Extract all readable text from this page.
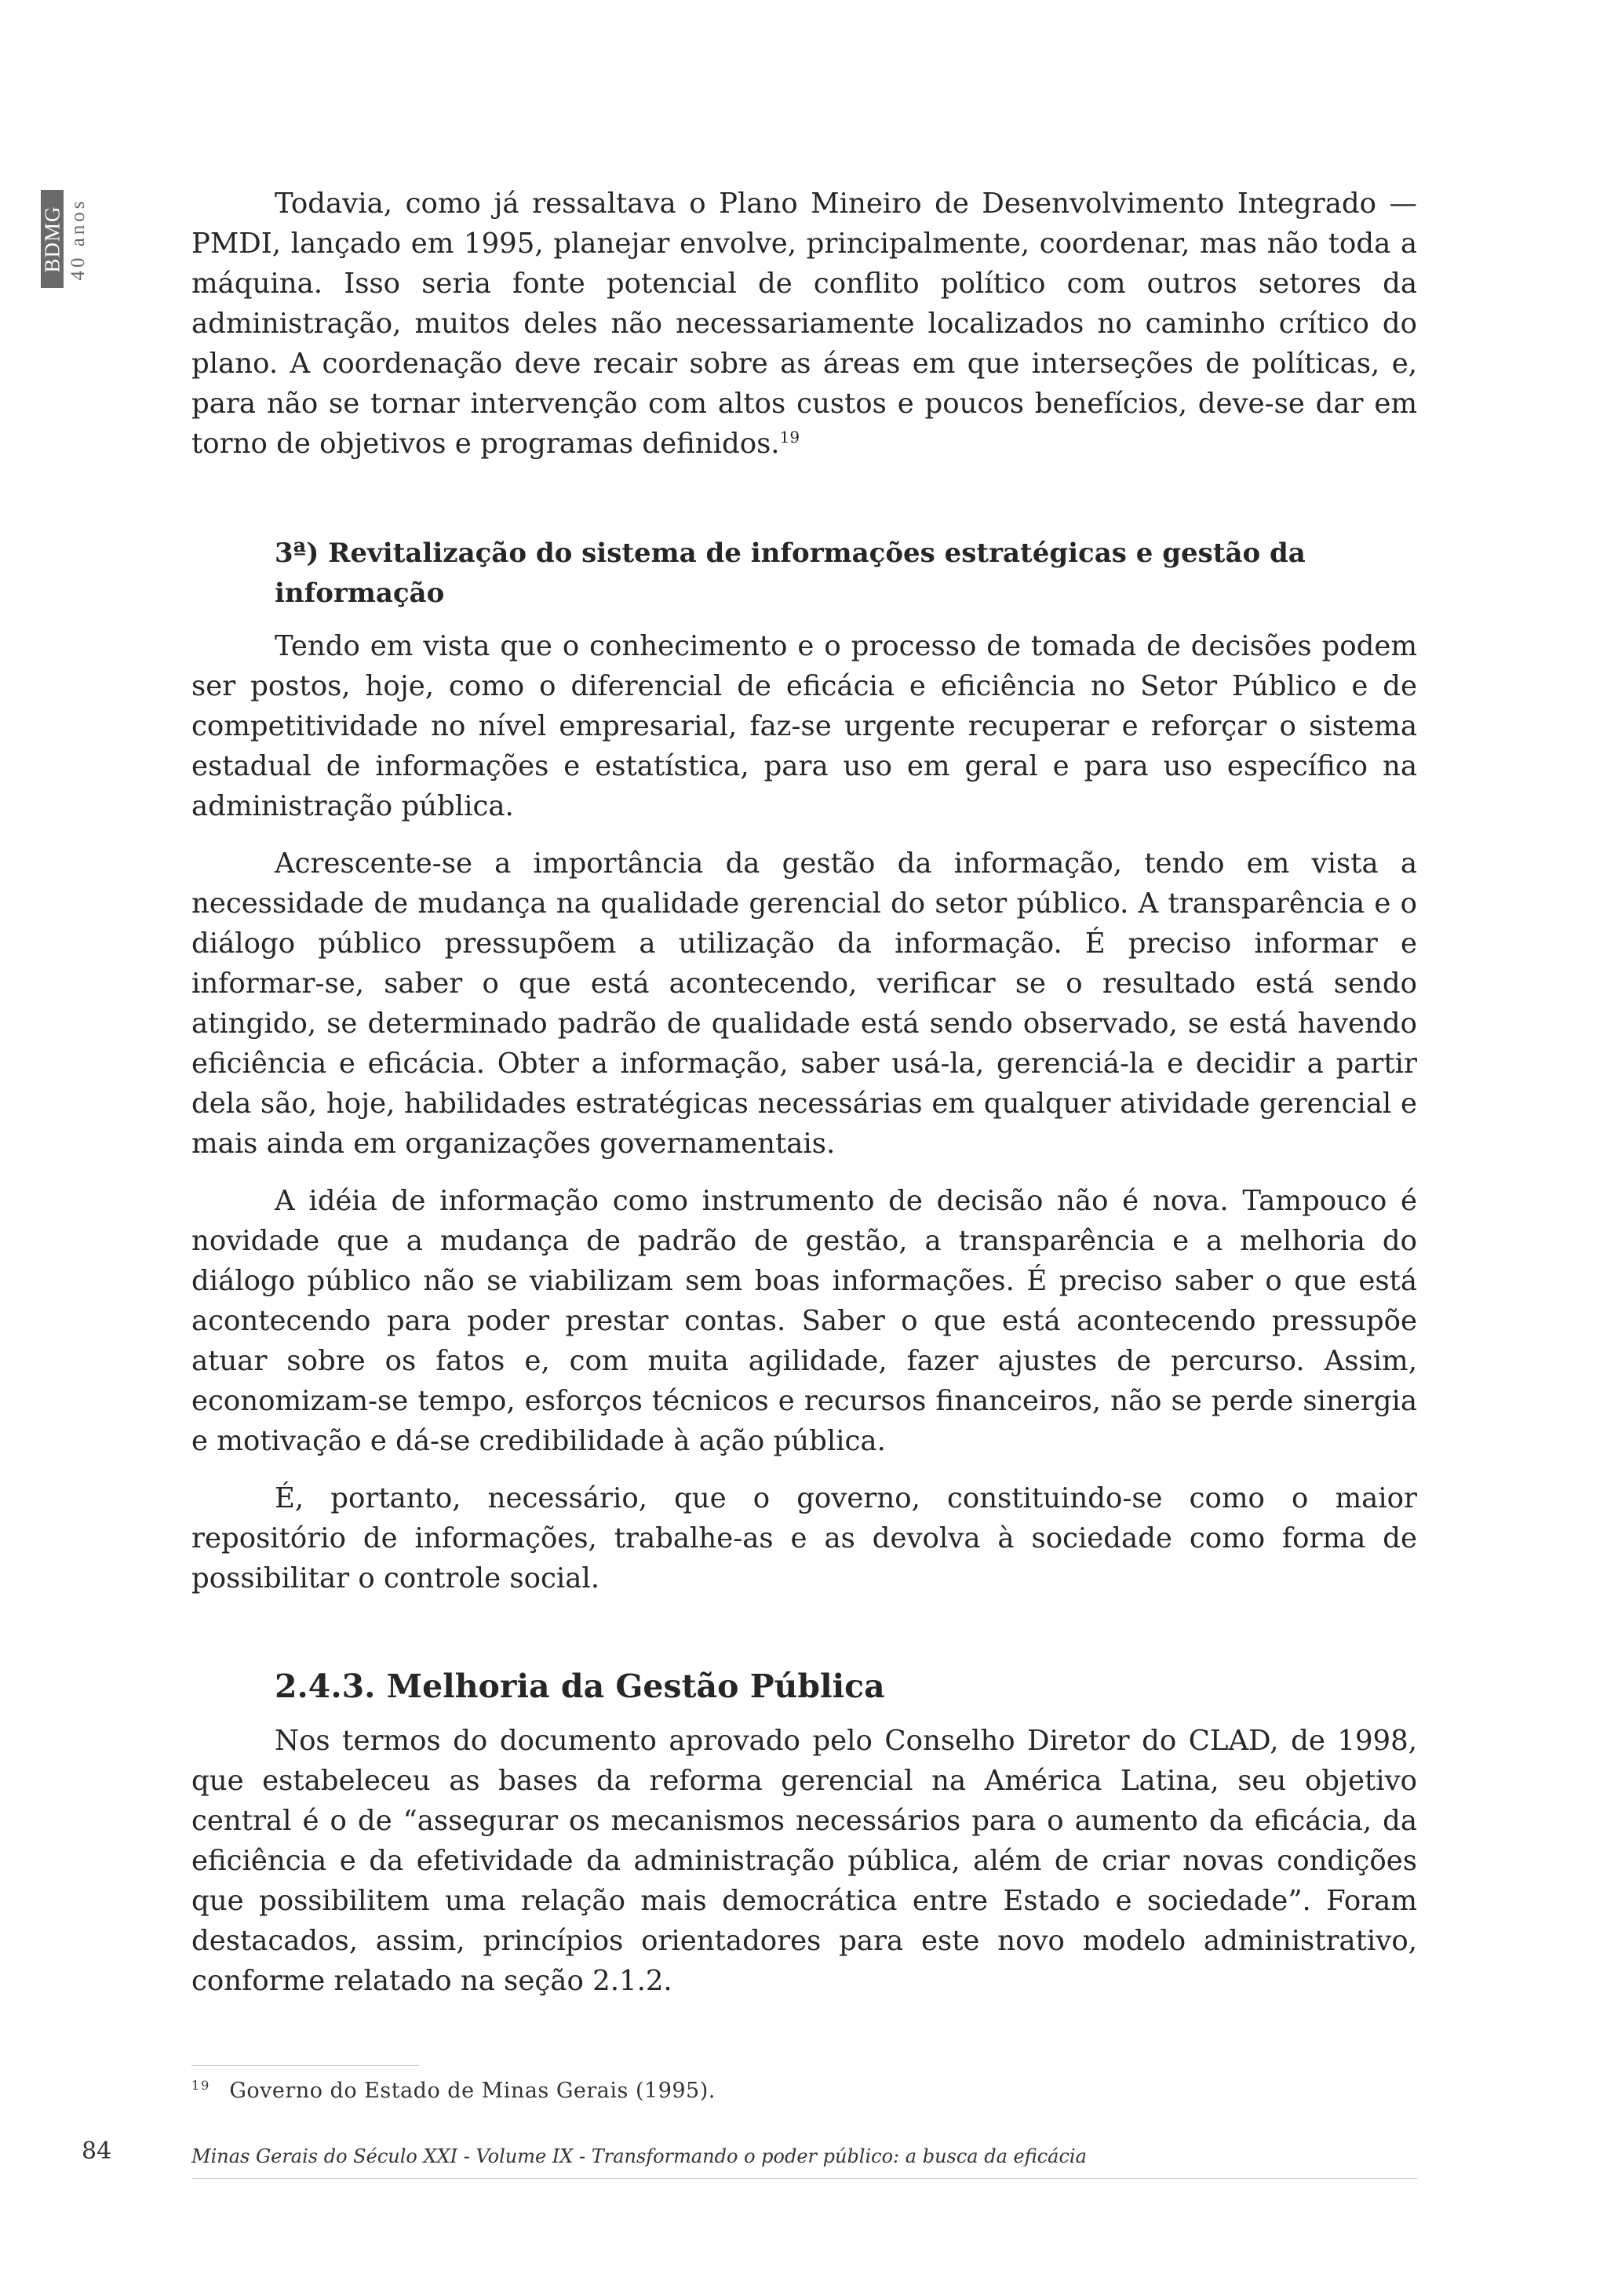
BDMG 40 anos	Todavia, como já ressaltava o Plano Mineiro de Desenvolvimento Integrado — PMDI, lançado em 1995, planejar envolve, principalmente, coordenar, mas não toda a máquina. Isso seria fonte potencial de conflito político com outros setores da administração, muitos deles não necessariamente localizados no caminho crítico do plano. A coordenação deve recair sobre as áreas em que interseções de políticas, e, para não se tornar intervenção com altos custos e poucos benefícios, deve-se dar em torno de objetivos e programas definidos.$^{19}$

3ª) Revitalização do sistema de informações estratégicas e gestão da informação

Tendo em vista que o conhecimento e o processo de tomada de decisões podem ser postos, hoje, como o diferencial de eficácia e eficiência no Setor Público e de competitividade no nível empresarial, faz-se urgente recuperar e reforçar o sistema estadual de informações e estatística, para uso em geral e para uso específico na administração pública.

Acrescente-se a importância da gestão da informação, tendo em vista a necessidade de mudança na qualidade gerencial do setor público. A transparência e o diálogo público pressupõem a utilização da informação. É preciso informar e informar-se, saber o que está acontecendo, verificar se o resultado está sendo atingido, se determinado padrão de qualidade está sendo observado, se está havendo eficiência e eficácia. Obter a informação, saber usá-la, gerenciá-la e decidir a partir dela são, hoje, habilidades estratégicas necessárias em qualquer atividade gerencial e mais ainda em organizações governamentais.

A idéia de informação como instrumento de decisão não é nova. Tampouco é novidade que a mudança de padrão de gestão, a transparência e a melhoria do diálogo público não se viabilizam sem boas informações. É preciso saber o que está acontecendo para poder prestar contas. Saber o que está acontecendo pressupõe atuar sobre os fatos e, com muita agilidade, fazer ajustes de percurso. Assim, economizam-se tempo, esforços técnicos e recursos financeiros, não se perde sinergia e motivação e dá-se credibilidade à ação pública.

É, portanto, necessário, que o governo, constituindo-se como o maior repositório de informações, trabalhe-as e as devolva à sociedade como forma de possibilitar o controle social.

2.4.3. Melhoria da Gestão Pública

Nos termos do documento aprovado pelo Conselho Diretor do CLAD, de 1998, que estabeleceu as bases da reforma gerencial na América Latina, seu objetivo central é o de “assegurar os mecanismos necessários para o aumento da eficácia, da eficiência e da efetividade da administração pública, além de criar novas condições que possibilitem uma relação mais democrática entre Estado e sociedade”. Foram destacados, assim, princípios orientadores para este novo modelo administrativo, conforme relatado na seção 2.1.2.

$^{19}$ Governo do Estado de Minas Gerais (1995).
84	Minas Gerais do Século XXI - Volume IX - Transformando o poder público: a busca da eficácia
